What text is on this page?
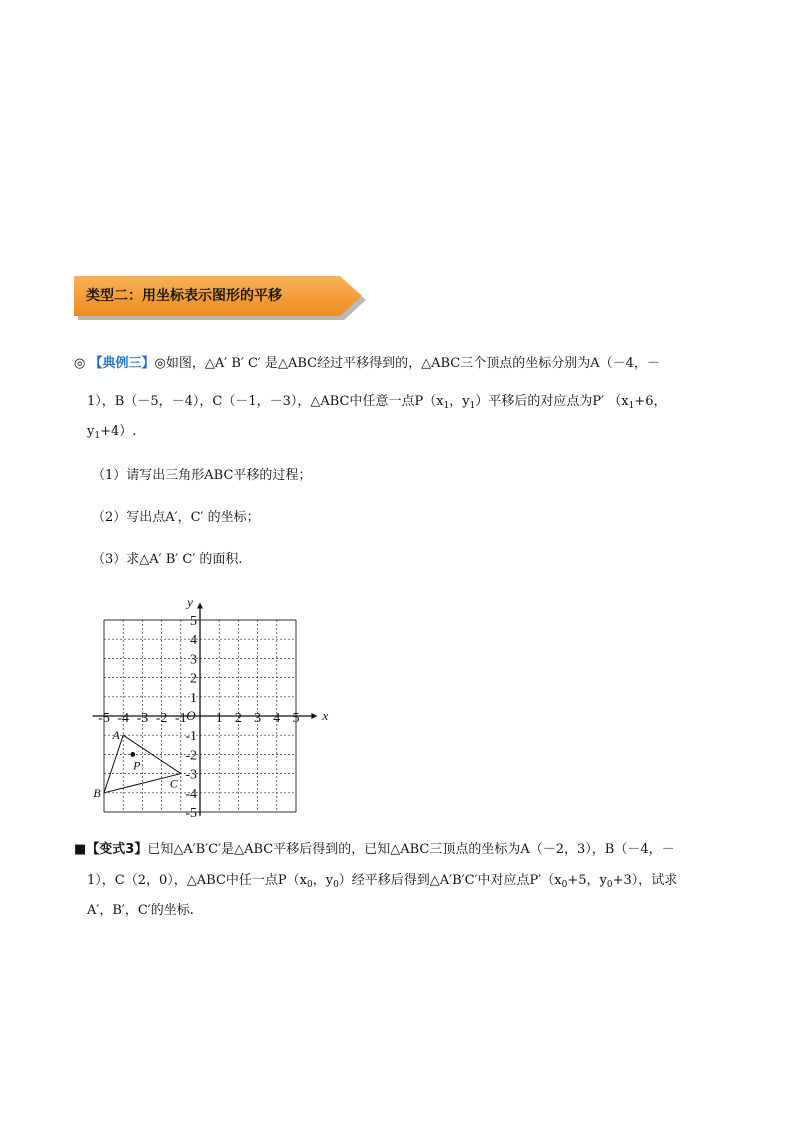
类型二：用坐标表示图形的平移
◎ 【典例三】◎如图，△A′ B′ C′ 是△ABC经过平移得到的，△ABC三个顶点的坐标分别为A（－4，－
1），B（－5，－4），C（－1，－3），△ABC中任意一点$P(x_1$，$y_1$）平移后的对应点为P′ （$x_1+6$，
$y_1+4$）.
（1）请写出三角形ABC平移的过程；
（2）写出点A′，C′ 的坐标；
（3）求△A′ B′ C′ 的面积.
x
y
O
-5 -4 -3 -2 -1 1 2 3 4 5
5
4
3
2
1
-1
-2
-3
-4
-5
A
B
C
P
■【变式3】已知△A′B′C′是△ABC平移后得到的，已知△ABC三顶点的坐标为A（－2，3），B（－4，－
1），C（2，0），△ABC中任一点$P(x_0$，$y_0$）经平移后得到△A′B′C′中对应点$P'(x_0+5$，$y_0+3$），试求
A′，B′，C′的坐标.
